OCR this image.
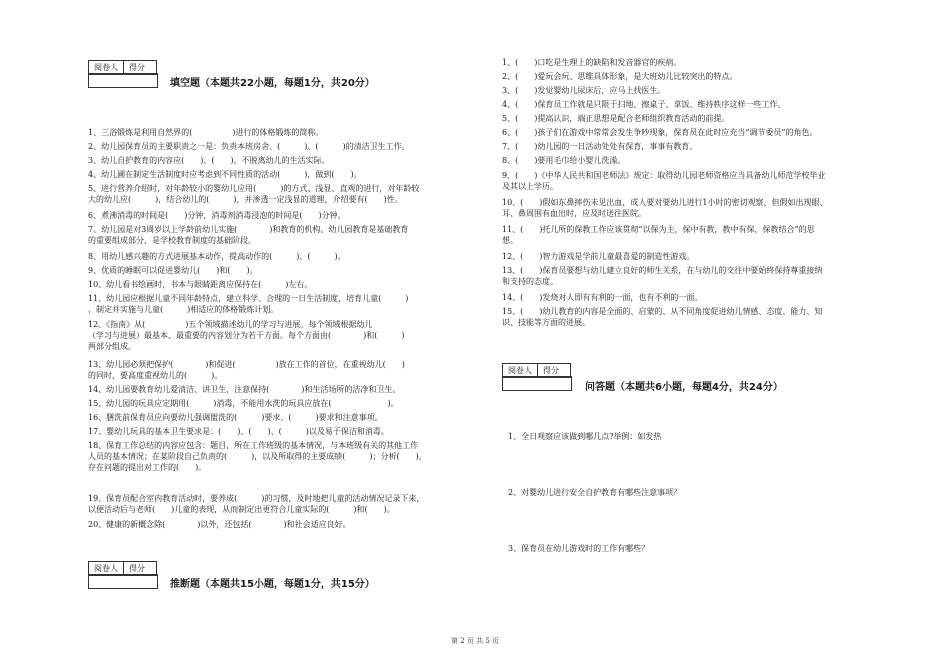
阅卷人	得分
填空题（本题共22小题，每题1分，共20分）
1、三浴锻炼是利用自然界的(　　　　　)进行的体格锻炼的简称。
2、幼儿园保育员的主要职责之一是：负责本班房舍、(　　　)、(　　　)的清洁卫生工作。
3、幼儿自护教育的内容应(　　)、(　　)，不脱离幼儿的生活实际。
4、幼儿圃在制定生活制度时应考虑到不同性质的活动(　　　)，做到(　　)。
5、进行营养介绍时，对年龄较小的婴幼儿应用(　　　)的方式、浅显、直观的进行，对年龄较
大的幼儿应(　　　)，结合幼儿的(　　　)，并渗透一定浅显的道理，介绍要有(　　)性。
6、煮沸消毒的时间是(　　)分钟，消毒剂消毒浸泡的时间是(　　)分钟。
7、幼儿园是对3周岁以上学龄前幼儿实施(　　　　)和教育的机构。幼儿园教育是基础教育
的重要组成部分，是学校教育制度的基础阶段。
8、用幼儿感兴趣的方式进展基本动作，提高动作的(　　　)、(　　　)。
9、优质的睡眠可以促进婴幼儿(　　)和(　　)。
10、幼儿看书绘画时，书本与眼睛距离应保持在(　　　)左右。
11、幼儿园应根据儿童不同年龄特点，建立科学、合理的一日生活制度，培育儿童(　　　)
，制定并实施与儿童(　　　)相适应的体格锻炼计划。
12、《指南》从(　　　　　)五个领域描述幼儿的学习与进展。每个领域根据幼儿
（学习与进展）最基本、最重要的内容划分为若干方面。每个方面由(　　　　)和(　　　)
两部分组成。
13、幼儿园必须把保护(　　　　)和促进(　　　　　)放在工作的首位，在重视幼儿(　　)
的同时，要高度重视幼儿的(　　　)。
14、幼儿园要教育幼儿爱清洁、讲卫生，注意保持(　　　　)和生活场所的洁净和卫生。
15、幼儿园的玩具应定期用(　　　)消毒，不能用水洗的玩具应放在(　　　　　　　)。
16、膳洗前保育员应向要幼儿强调盥洗的(　　　)要求、(　　　)要求和注意事项。
17、婴幼儿玩具的基本卫生要求是：(　　)、(　　)、(　　　)以及易于保洁和消毒。
18、保育工作总结的内容应包含：题目，所在工作班级的基本情况，与本班级有关的其他工作
人员的基本情况；在某阶段自己负责的(　　　)，以及所取得的主要成绩(　　　)；分析(　　)，
存在问题的提出对工作的(　　)。
19、保育员配合室内教育活动时，要养成(　　　)的习惯，及时地把儿童的活动情况记录下来，
以便活动后与老师(　　)儿童的表现，从而制定出更符合儿童实际的(　　　)和(　　)。
20、健康的新概念除(　　　　)以外，还包括(　　　　)和社会适应良好。
阅卷人	得分
推断题（本题共15小题，每题1分，共15分）
1、(　　)口吃是生理上的缺陷和发音器官的疾病。
2、(　　)爱玩会玩、思维具体形象，是大班幼儿比较突出的特点。
3、(　　)发觉婴幼儿尿床后，应马上找医生。
4、(　　)保育员工作就是只限于扫地、擦桌子、拿饭、维持秩序这样一些工作。
5、(　　)提高认识，端正思想是配合老师组织教育活动的前提。
6、(　　)孩子们在游戏中常常会发生争吵现象，保育员在此时应充当“调节委员”的角色。
7、(　　)幼儿园的一日活动处处有保育，事事有教育。
8、(　　)要用毛巾给小婴儿洗澡。
9、(　　)《中华人民共和国老师法》规定：取得幼儿园老师资格应当具备幼儿师范学校毕业
及其以上学历。
10、(　　)假如东鼻摔伤未见出血，成人要对要幼儿进行1小时的密切观察，但假如出现眼、
耳、鼻周围有血出时，应及时送往医院。
11、(　　)托儿所的保教工作应该贯彻“以保为主，保中有教，教中有保，保教结合”的思
想。
12、(　　)智力游戏是学前儿童最喜爱的制造性游戏。
13、(　　)保育员要想与幼儿建立良好的师生关系，在与幼儿的交往中要始终保持尊重接纳
和支持的态度。
14、(　　)发烧对人即有有利的一面，也有不利的一面。
15、(　　)幼儿教育的内容是全面的、启蒙的、从不同角度促进幼儿情感、态度、能力、知
识、技能等方面的进展。
阅卷人	得分
问答题（本题共6小题，每题4分，共24分）
1、全日观察应该做到哪几点?举例：如发热
2、对婴幼儿进行安全自护教育有哪些注意事项？
3、保育员在幼儿游戏时的工作有哪些？
第 2 页 共 5 页
